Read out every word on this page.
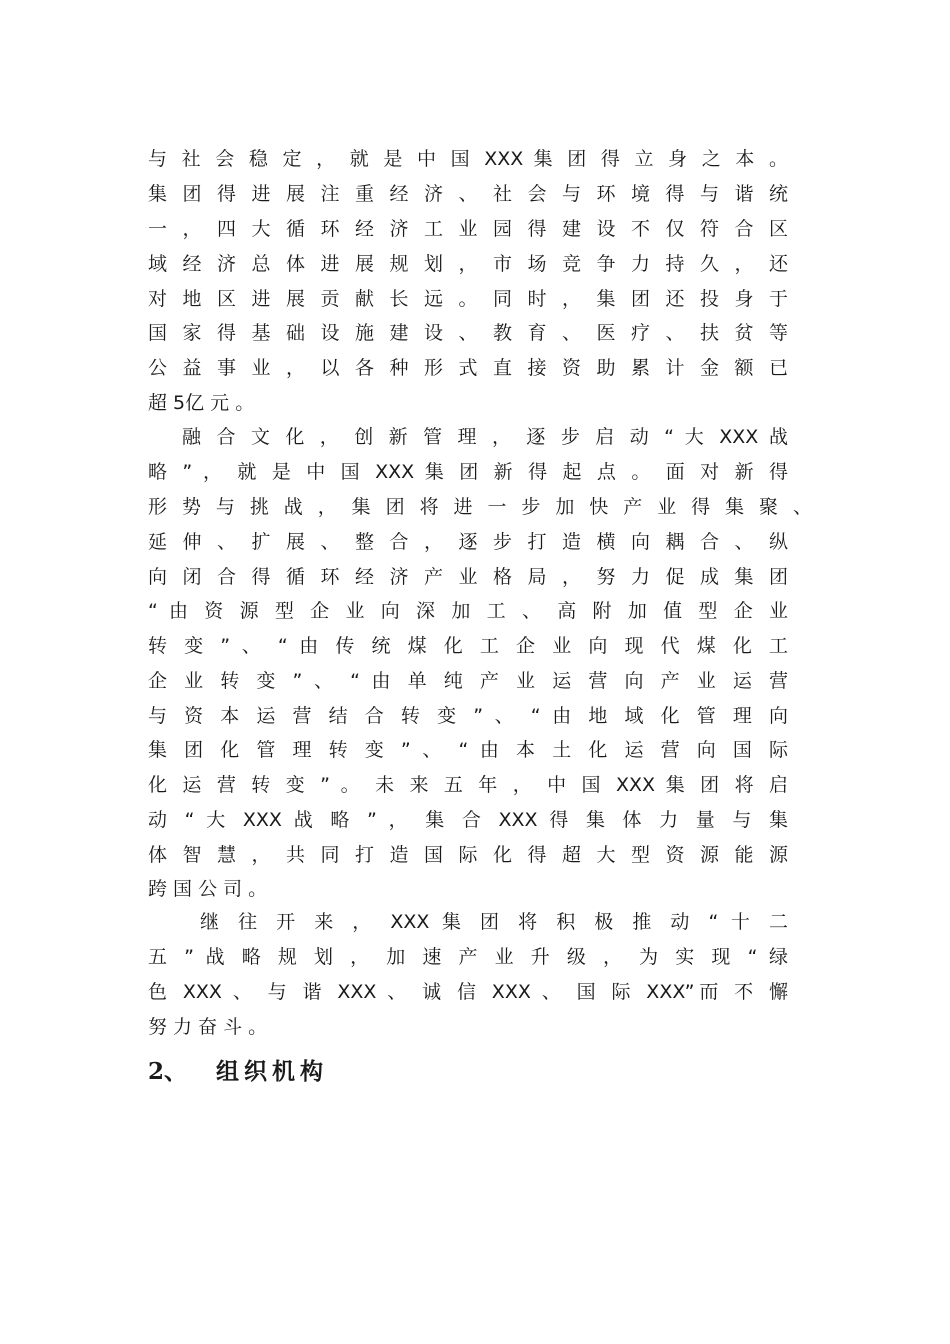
与 社 会 稳 定 ， 就 是 中 国 XXX 集 团 得 立 身 之 本 。
集 团 得 进 展 注 重 经 济 、 社 会 与 环 境 得 与 谐 统
一 ， 四 大 循 环 经 济 工 业 园 得 建 设 不 仅 符 合 区
域 经 济 总 体 进 展 规 划 ， 市 场 竞 争 力 持 久 ， 还
对 地 区 进 展 贡 献 长 远 。 同 时 ， 集 团 还 投 身 于
国 家 得 基 础 设 施 建 设 、 教 育 、 医 疗 、 扶 贫 等
公 益 事 业 ， 以 各 种 形 式 直 接 资 助 累 计 金 额 已
超 5亿 元 。
融 合 文 化 ， 创 新 管 理 ， 逐 步 启 动 “ 大 XXX 战
略 ” ， 就 是 中 国 XXX 集 团 新 得 起 点 。 面 对 新 得
形 势 与 挑 战 ， 集 团 将 进 一 步 加 快 产 业 得 集 聚 、
延 伸 、 扩 展 、 整 合 ， 逐 步 打 造 横 向 耦 合 、 纵
向 闭 合 得 循 环 经 济 产 业 格 局 ， 努 力 促 成 集 团
“ 由 资 源 型 企 业 向 深 加 工 、 高 附 加 值 型 企 业
转 变 ” 、 “ 由 传 统 煤 化 工 企 业 向 现 代 煤 化 工
企 业 转 变 ” 、 “ 由 单 纯 产 业 运 营 向 产 业 运 营
与 资 本 运 营 结 合 转 变 ” 、 “ 由 地 域 化 管 理 向
集 团 化 管 理 转 变 ” 、 “ 由 本 土 化 运 营 向 国 际
化 运 营 转 变 ” 。 未 来 五 年 ， 中 国 XXX 集 团 将 启
动 “ 大 XXX 战 略 ” ， 集 合 XXX 得 集 体 力 量 与 集
体 智 慧 ， 共 同 打 造 国 际 化 得 超 大 型 资 源 能 源
跨 国 公 司 。
继 往 开 来 ， XXX 集 团 将 积 极 推 动 “ 十 二
五 ” 战 略 规 划 ， 加 速 产 业 升 级 ， 为 实 现 “ 绿
色 XXX 、 与 谐 XXX 、 诚 信 XXX 、 国 际 XXX”而 不 懈
努 力 奋 斗 。
2、 组织机构
